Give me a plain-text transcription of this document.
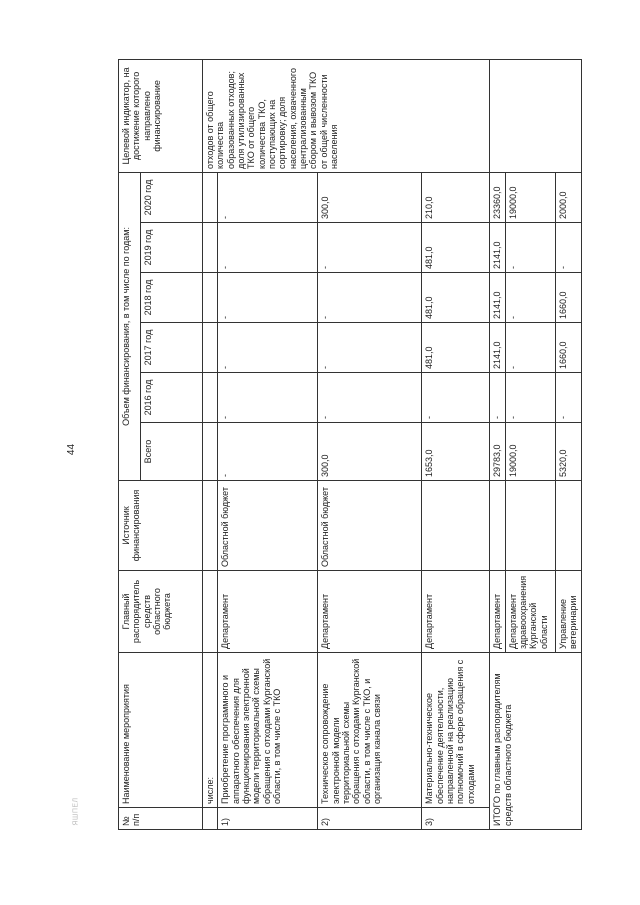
44
ЯШПЕЛ	№ п/п	Наименование мероприятия	Главный распорядитель средств областного бюджета	Источник финансирования	Объем финансирования, в том числе по годам:						Целевой индикатор, на достижение которого направлено финансирование
				Всего	2016 год	2017 год	2018 год	2019 год	2020 год	
	числе:									отходов от общего количества образованных отходов; доля утилизированных ТКО от общего количества ТКО, поступающих на сортировку; доля населения, охваченного централизованным сбором и вывозом ТКО от общей численности населения
1)	Приобретение программного и аппаратного обеспечения для функционирования электронной модели территориальной схемы обращения с отходами Курганской области, в том числе с ТКО	Департамент	Областной бюджет	-	-	-	-	-	-	
2)	Техническое сопровождение электронной модели территориальной схемы обращения с отходами Курганской области, в том числе с ТКО, и организация канала связи	Департамент	Областной бюджет	300,0	-	-	-	-	300,0	
3)	Материально-техническое обеспечение деятельности, направленной на реализацию полномочий в сфере обращения с отходами	Департамент		1653,0	-	481,0	481,0	481,0	210,0	
ИТОГО по главным распорядителям средств областного бюджета		Департамент		29783,0	-	2141,0	2141,0	2141,0	23360,0	
		Департамент здравоохранения Курганской области		19000,0	-	-	-	-	19000,0	
		Управление ветеринарии		5320,0	-	1660,0	1660,0	-	2000,0	
